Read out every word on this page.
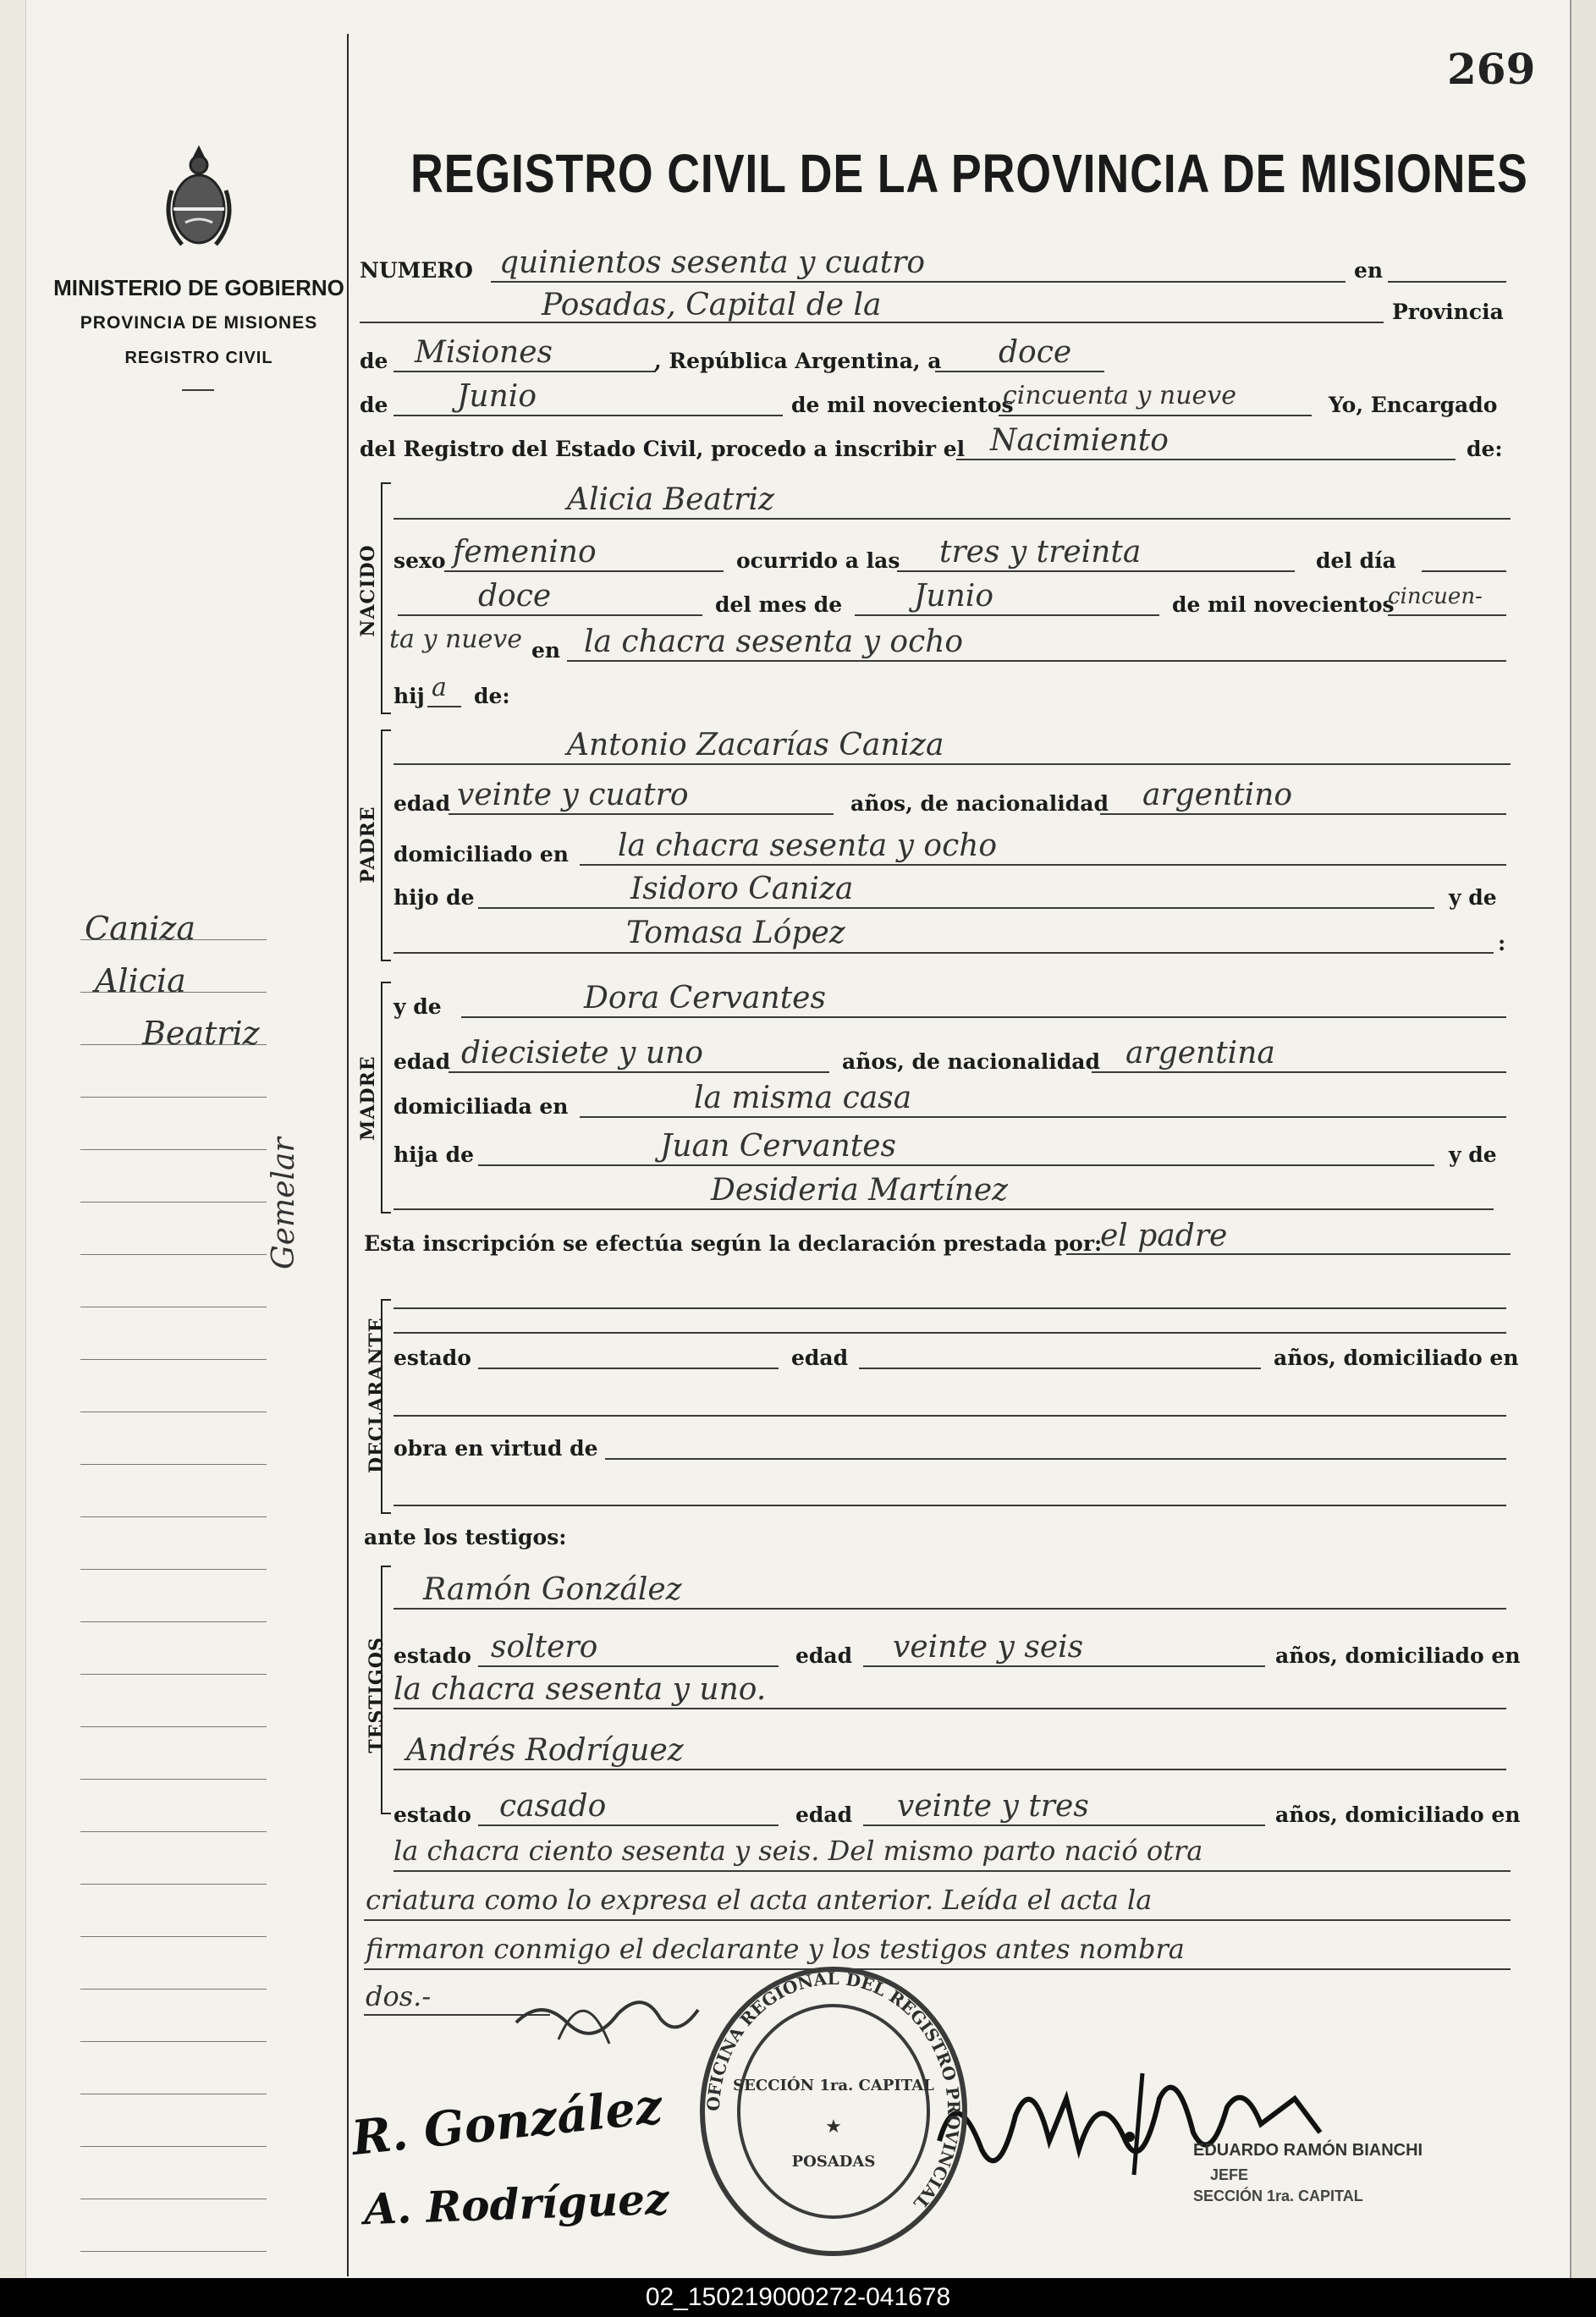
269
MINISTERIO DE GOBIERNO
PROVINCIA DE MISIONES
REGISTRO CIVIL
Caniza
Alicia
Beatriz
Gemelar
REGISTRO CIVIL DE LA PROVINCIA DE MISIONES
NUMERO quinientos sesenta y cuatro	en
Posadas, Capital de la	Provincia
de Misiones	, República Argentina, a doce
de Junio	de mil novecientos
cincuenta y nueve	Yo, Encargado
del Registro del Estado Civil, procedo a inscribir el Nacimiento	de:
NACIDO
Alicia Beatriz
sexo femenino	ocurrido a las tres y treinta	del día
doce	del mes de Junio	de mil novecientos
cincuen-
ta y nueve en la chacra sesenta y ocho
hij a de:
PADRE
Antonio Zacarías Caniza
edad veinte y cuatro	años, de nacionalidad argentino
domiciliado en la chacra sesenta y ocho
hijo de	Isidoro Caniza	y de
Tomasa López	:
MADRE
y de	Dora Cervantes
edad diecisiete y uno	años, de nacionalidad argentina
domiciliada en	la misma casa
hija de	Juan Cervantes	y de
Desideria Martínez
Esta inscripción se efectúa según la declaración prestada por:
el padre
DECLARANTE estado	edad	años, domiciliado en
obra en virtud de
ante los testigos:
TESTIGOS
Ramón González
estado soltero	edad veinte y seis	años, domiciliado en
la chacra sesenta y uno.
Andrés Rodríguez
estado casado	edad veinte y tres	años, domiciliado en
la chacra ciento sesenta y seis. Del mismo parto nació otra
criatura como lo expresa el acta anterior. Leída el acta la
firmaron conmigo el declarante y los testigos antes nombra
dos.-
R. González
A. Rodríguez
OFICINA REGIONAL DEL REGISTRO PROVINCIAL
SECCIÓN 1ra. CAPITAL
POSADAS
★
EDUARDO RAMÓN BIANCHI
JEFE
SECCIÓN 1ra. CAPITAL
02_150219000272-041678
